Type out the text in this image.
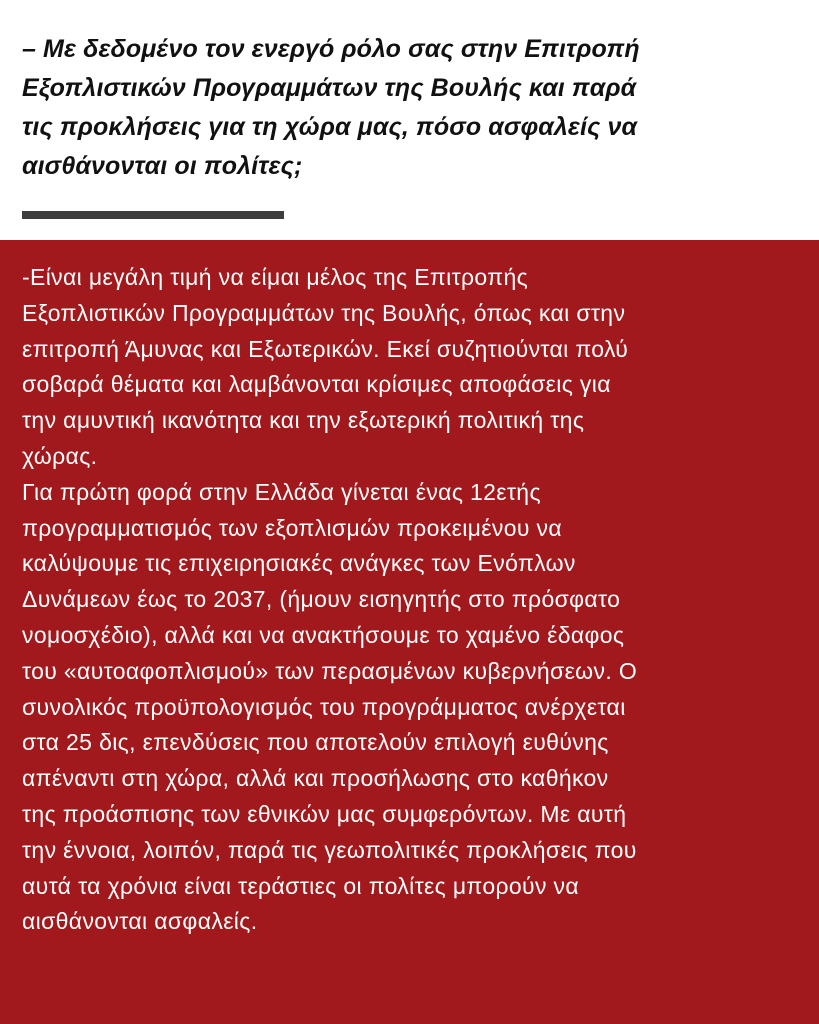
– Με δεδομένο τον ενεργό ρόλο σας στην Επιτροπή
Εξοπλιστικών Προγραμμάτων της Βουλής και παρά
τις προκλήσεις για τη χώρα μας, πόσο ασφαλείς να
αισθάνονται οι πολίτες;

-Είναι μεγάλη τιμή να είμαι μέλος της Επιτροπής
Εξοπλιστικών Προγραμμάτων της Βουλής, όπως και στην
επιτροπή Άμυνας και Εξωτερικών. Εκεί συζητιούνται πολύ
σοβαρά θέματα και λαμβάνονται κρίσιμες αποφάσεις για
την αμυντική ικανότητα και την εξωτερική πολιτική της
χώρας.
Για πρώτη φορά στην Ελλάδα γίνεται ένας 12ετής
προγραμματισμός των εξοπλισμών προκειμένου να
καλύψουμε τις επιχειρησιακές ανάγκες των Ενόπλων
Δυνάμεων έως το 2037, (ήμουν εισηγητής στο πρόσφατο
νομοσχέδιο), αλλά και να ανακτήσουμε το χαμένο έδαφος
του «αυτοαφοπλισμού» των περασμένων κυβερνήσεων. Ο
συνολικός προϋπολογισμός του προγράμματος ανέρχεται
στα 25 δις, επενδύσεις που αποτελούν επιλογή ευθύνης
απέναντι στη χώρα, αλλά και προσήλωσης στο καθήκον
της προάσπισης των εθνικών μας συμφερόντων. Με αυτή
την έννοια, λοιπόν, παρά τις γεωπολιτικές προκλήσεις που
αυτά τα χρόνια είναι τεράστιες οι πολίτες μπορούν να
αισθάνονται ασφαλείς.
